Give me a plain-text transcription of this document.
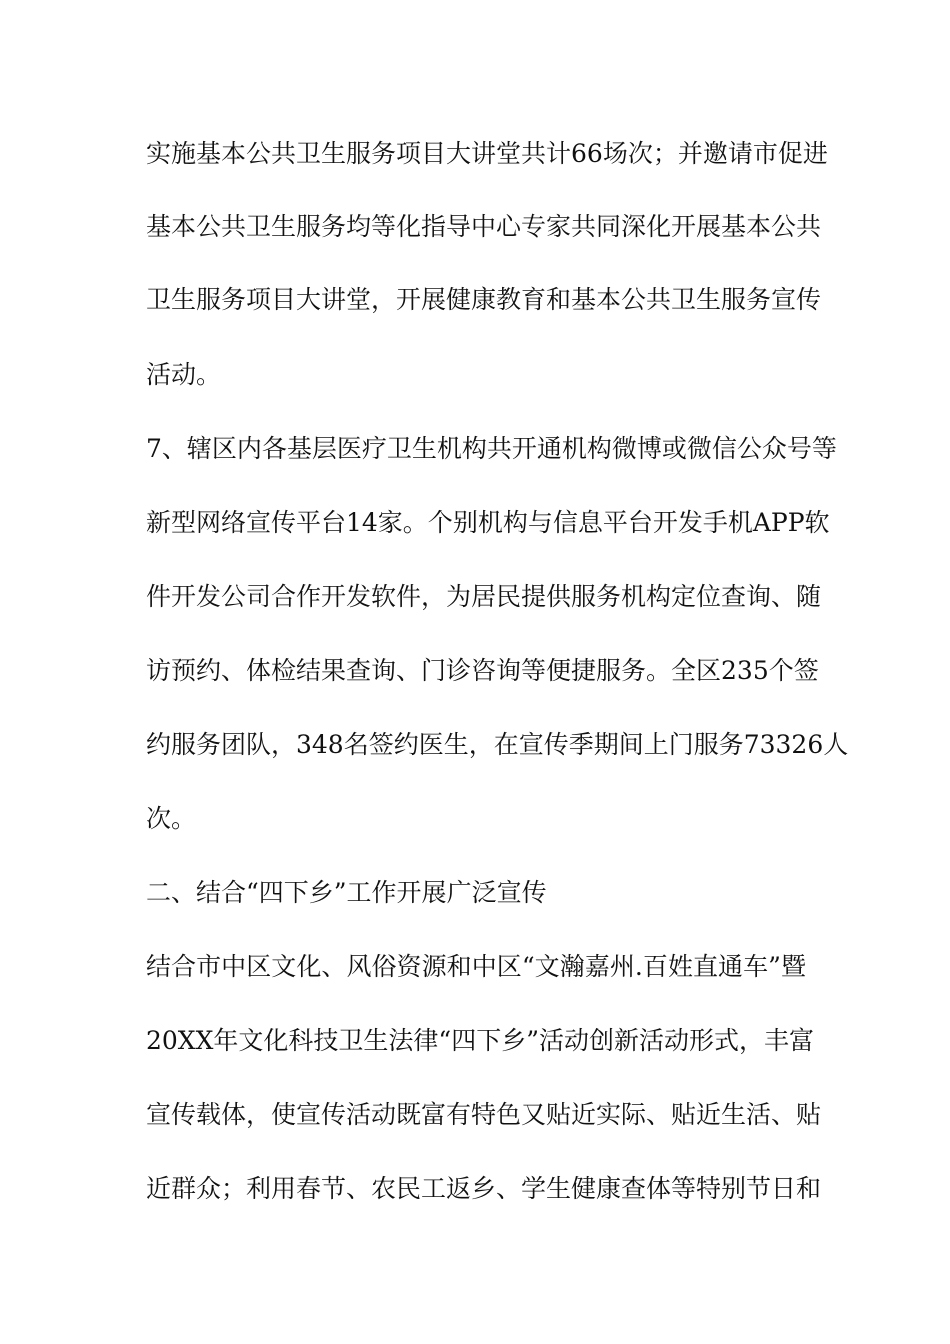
实施基本公共卫生服务项目大讲堂共计66场次；并邀请市促进
基本公共卫生服务均等化指导中心专家共同深化开展基本公共
卫生服务项目大讲堂，开展健康教育和基本公共卫生服务宣传
活动。
7、辖区内各基层医疗卫生机构共开通机构微博或微信公众号等
新型网络宣传平台14家。个别机构与信息平台开发手机APP软
件开发公司合作开发软件，为居民提供服务机构定位查询、随
访预约、体检结果查询、门诊咨询等便捷服务。全区235个签
约服务团队，348名签约医生，在宣传季期间上门服务73326人
次。
二、结合“四下乡”工作开展广泛宣传
结合市中区文化、风俗资源和中区“文瀚嘉州.百姓直通车”暨
20XX年文化科技卫生法律“四下乡”活动创新活动形式，丰富
宣传载体，使宣传活动既富有特色又贴近实际、贴近生活、贴
近群众；利用春节、农民工返乡、学生健康查体等特别节日和
